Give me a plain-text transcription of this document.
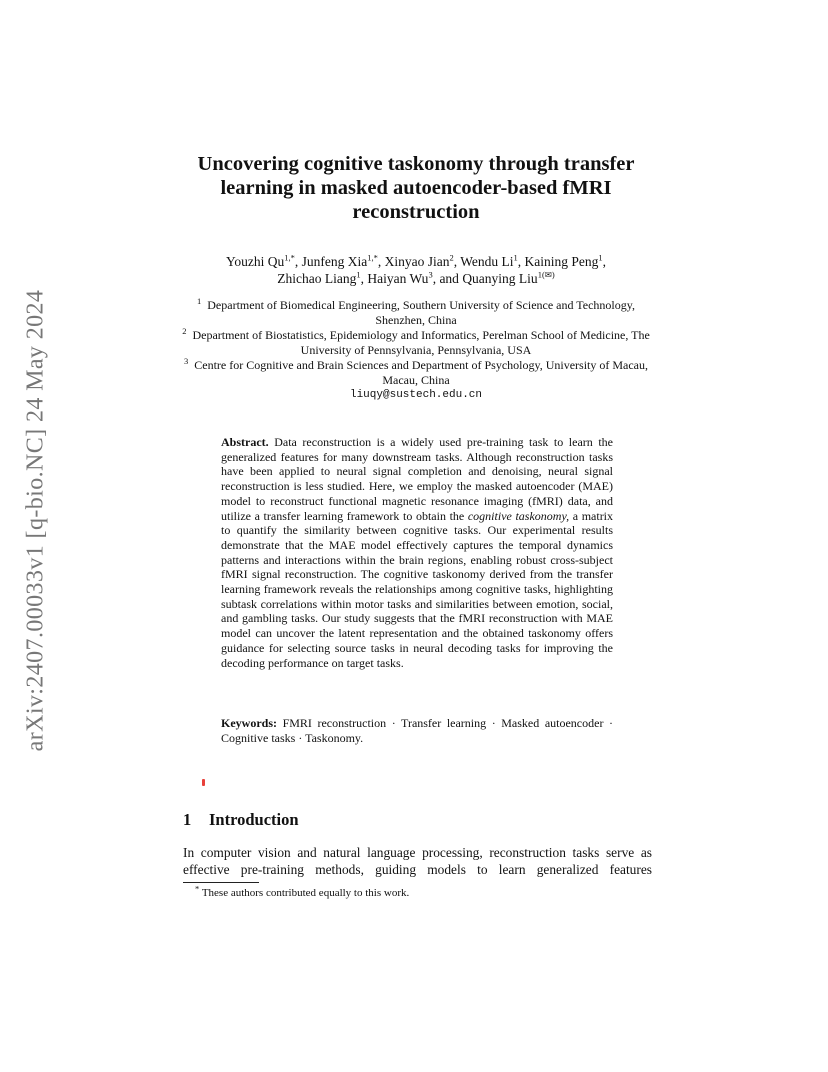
arXiv:2407.00033v1 [q-bio.NC] 24 May 2024
Uncovering cognitive taskonomy through transfer learning in masked autoencoder-based fMRI reconstruction

Youzhi $Qu^{1,*}$, Junfeng Xia$^{1,*}$, Xinyao Jian$^2$, Wendu Li$^1$, Kaining Peng$^1$,
Zhichao Liang$^1$, Haiyan Wu$^3$, and Quanying Liu$^{1(✉)}$

$^1$ Department of Biomedical Engineering, Southern University of Science and Technology, Shenzhen, China

$^2$ Department of Biostatistics, Epidemiology and Informatics, Perelman School of Medicine, The University of Pennsylvania, Pennsylvania, USA

$^3$ Centre for Cognitive and Brain Sciences and Department of Psychology, University of Macau, Macau, China

liuqy@sustech.edu.cn

Abstract. Data reconstruction is a widely used pre-training task to learn the generalized features for many downstream tasks. Although reconstruction tasks have been applied to neural signal completion and denoising, neural signal reconstruction is less studied. Here, we employ the masked autoencoder (MAE) model to reconstruct functional magnetic resonance imaging (fMRI) data, and utilize a transfer learning framework to obtain the cognitive taskonomy, a matrix to quantify the similarity between cognitive tasks. Our experimental results demonstrate that the MAE model effectively captures the temporal dynamics patterns and interactions within the brain regions, enabling robust cross-subject fMRI signal reconstruction. The cognitive taskonomy derived from the transfer learning framework reveals the relationships among cognitive tasks, highlighting subtask correlations within motor tasks and similarities between emotion, social, and gambling tasks. Our study suggests that the fMRI reconstruction with MAE model can uncover the latent representation and the obtained taskonomy offers guidance for selecting source tasks in neural decoding tasks for improving the decoding performance on target tasks.

Keywords: FMRI reconstruction · Transfer learning · Masked autoencoder · Cognitive tasks · Taskonomy.

1 Introduction

In computer vision and natural language processing, reconstruction tasks serve as effective pre-training methods, guiding models to learn generalized features

* These authors contributed equally to this work.
